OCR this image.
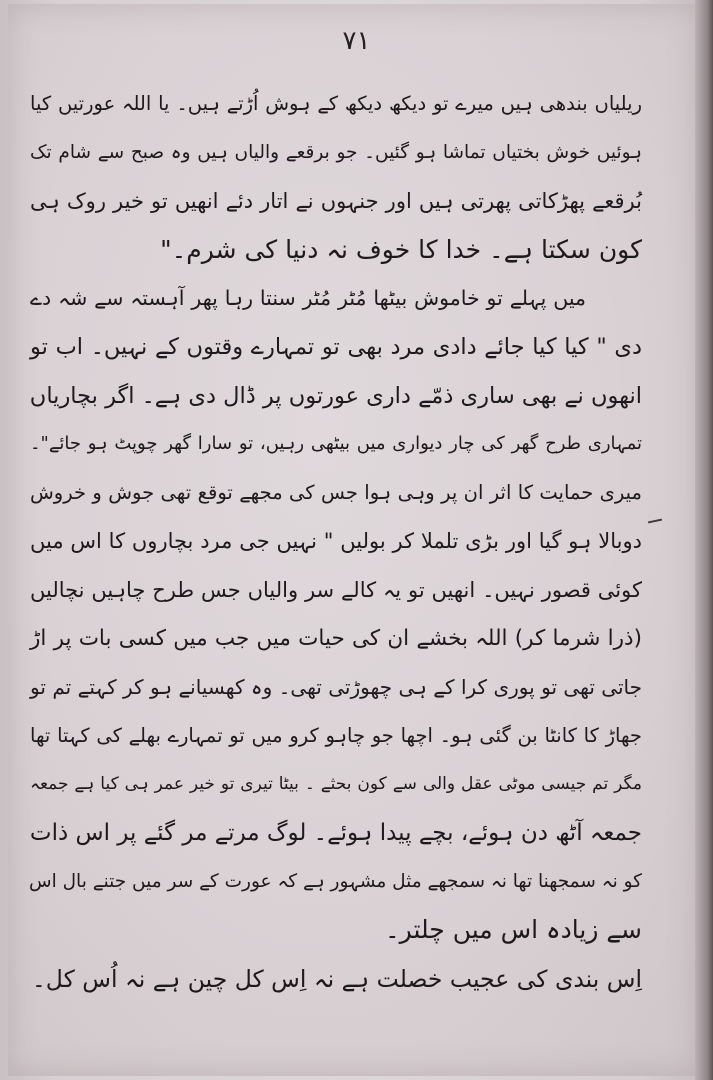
٧١
ریلیاں بندھی ہیں میرے تو دیکھ دیکھ کے ہوش اُڑتے ہیں۔ یا اللہ عورتیں کیا
ہوئیں خوش بختیاں تماشا ہو گئیں۔ جو برقعے والیاں ہیں وہ صبح سے شام تک
بُرقعے پھڑکاتی پھرتی ہیں اور جنہوں نے اتار دئے انھیں تو خیر روک ہی
کون سکتا ہے۔ خدا کا خوف نہ دنیا کی شرم۔"
میں پہلے تو خاموش بیٹھا مُٹر مُٹر سنتا رہا پھر آہستہ سے شہ دے
دی " کیا کیا جائے دادی مرد بھی تو تمہارے وقتوں کے نہیں۔ اب تو
انھوں نے بھی ساری ذمّے داری عورتوں پر ڈال دی ہے۔ اگر بچاریاں
تمہاری طرح گھر کی چار دیواری میں بیٹھی رہیں، تو سارا گھر چوپٹ ہو جائے"۔
میری حمایت کا اثر ان پر وہی ہوا جس کی مجھے توقع تھی جوش و خروش
دوبالا ہو گیا اور بڑی تلملا کر بولیں " نہیں جی مرد بچاروں کا اس میں
کوئی قصور نہیں۔ انھیں تو یہ کالے سر والیاں جس طرح چاہیں نچالیں
(ذرا شرما کر) اللہ بخشے ان کی حیات میں جب میں کسی بات پر اڑ
جاتی تھی تو پوری کرا کے ہی چھوڑتی تھی۔ وہ کھسیانے ہو کر کہتے تم تو
جھاڑ کا کانٹا بن گئی ہو۔ اچھا جو چاہو کرو میں تو تمہارے بھلے کی کہتا تھا
مگر تم جیسی موٹی عقل والی سے کون بحثے ۔ بیٹا تیری تو خیر عمر ہی کیا ہے جمعہ
جمعہ آٹھ دن ہوئے، بچے پیدا ہوئے۔ لوگ مرتے مر گئے پر اس ذات
کو نہ سمجھنا تھا نہ سمجھے مثل مشہور ہے کہ عورت کے سر میں جتنے بال اس
سے زیادہ اس میں چلتر۔
اِس بندی کی عجیب خصلت ہے نہ اِس کل چین ہے نہ اُس کل۔
